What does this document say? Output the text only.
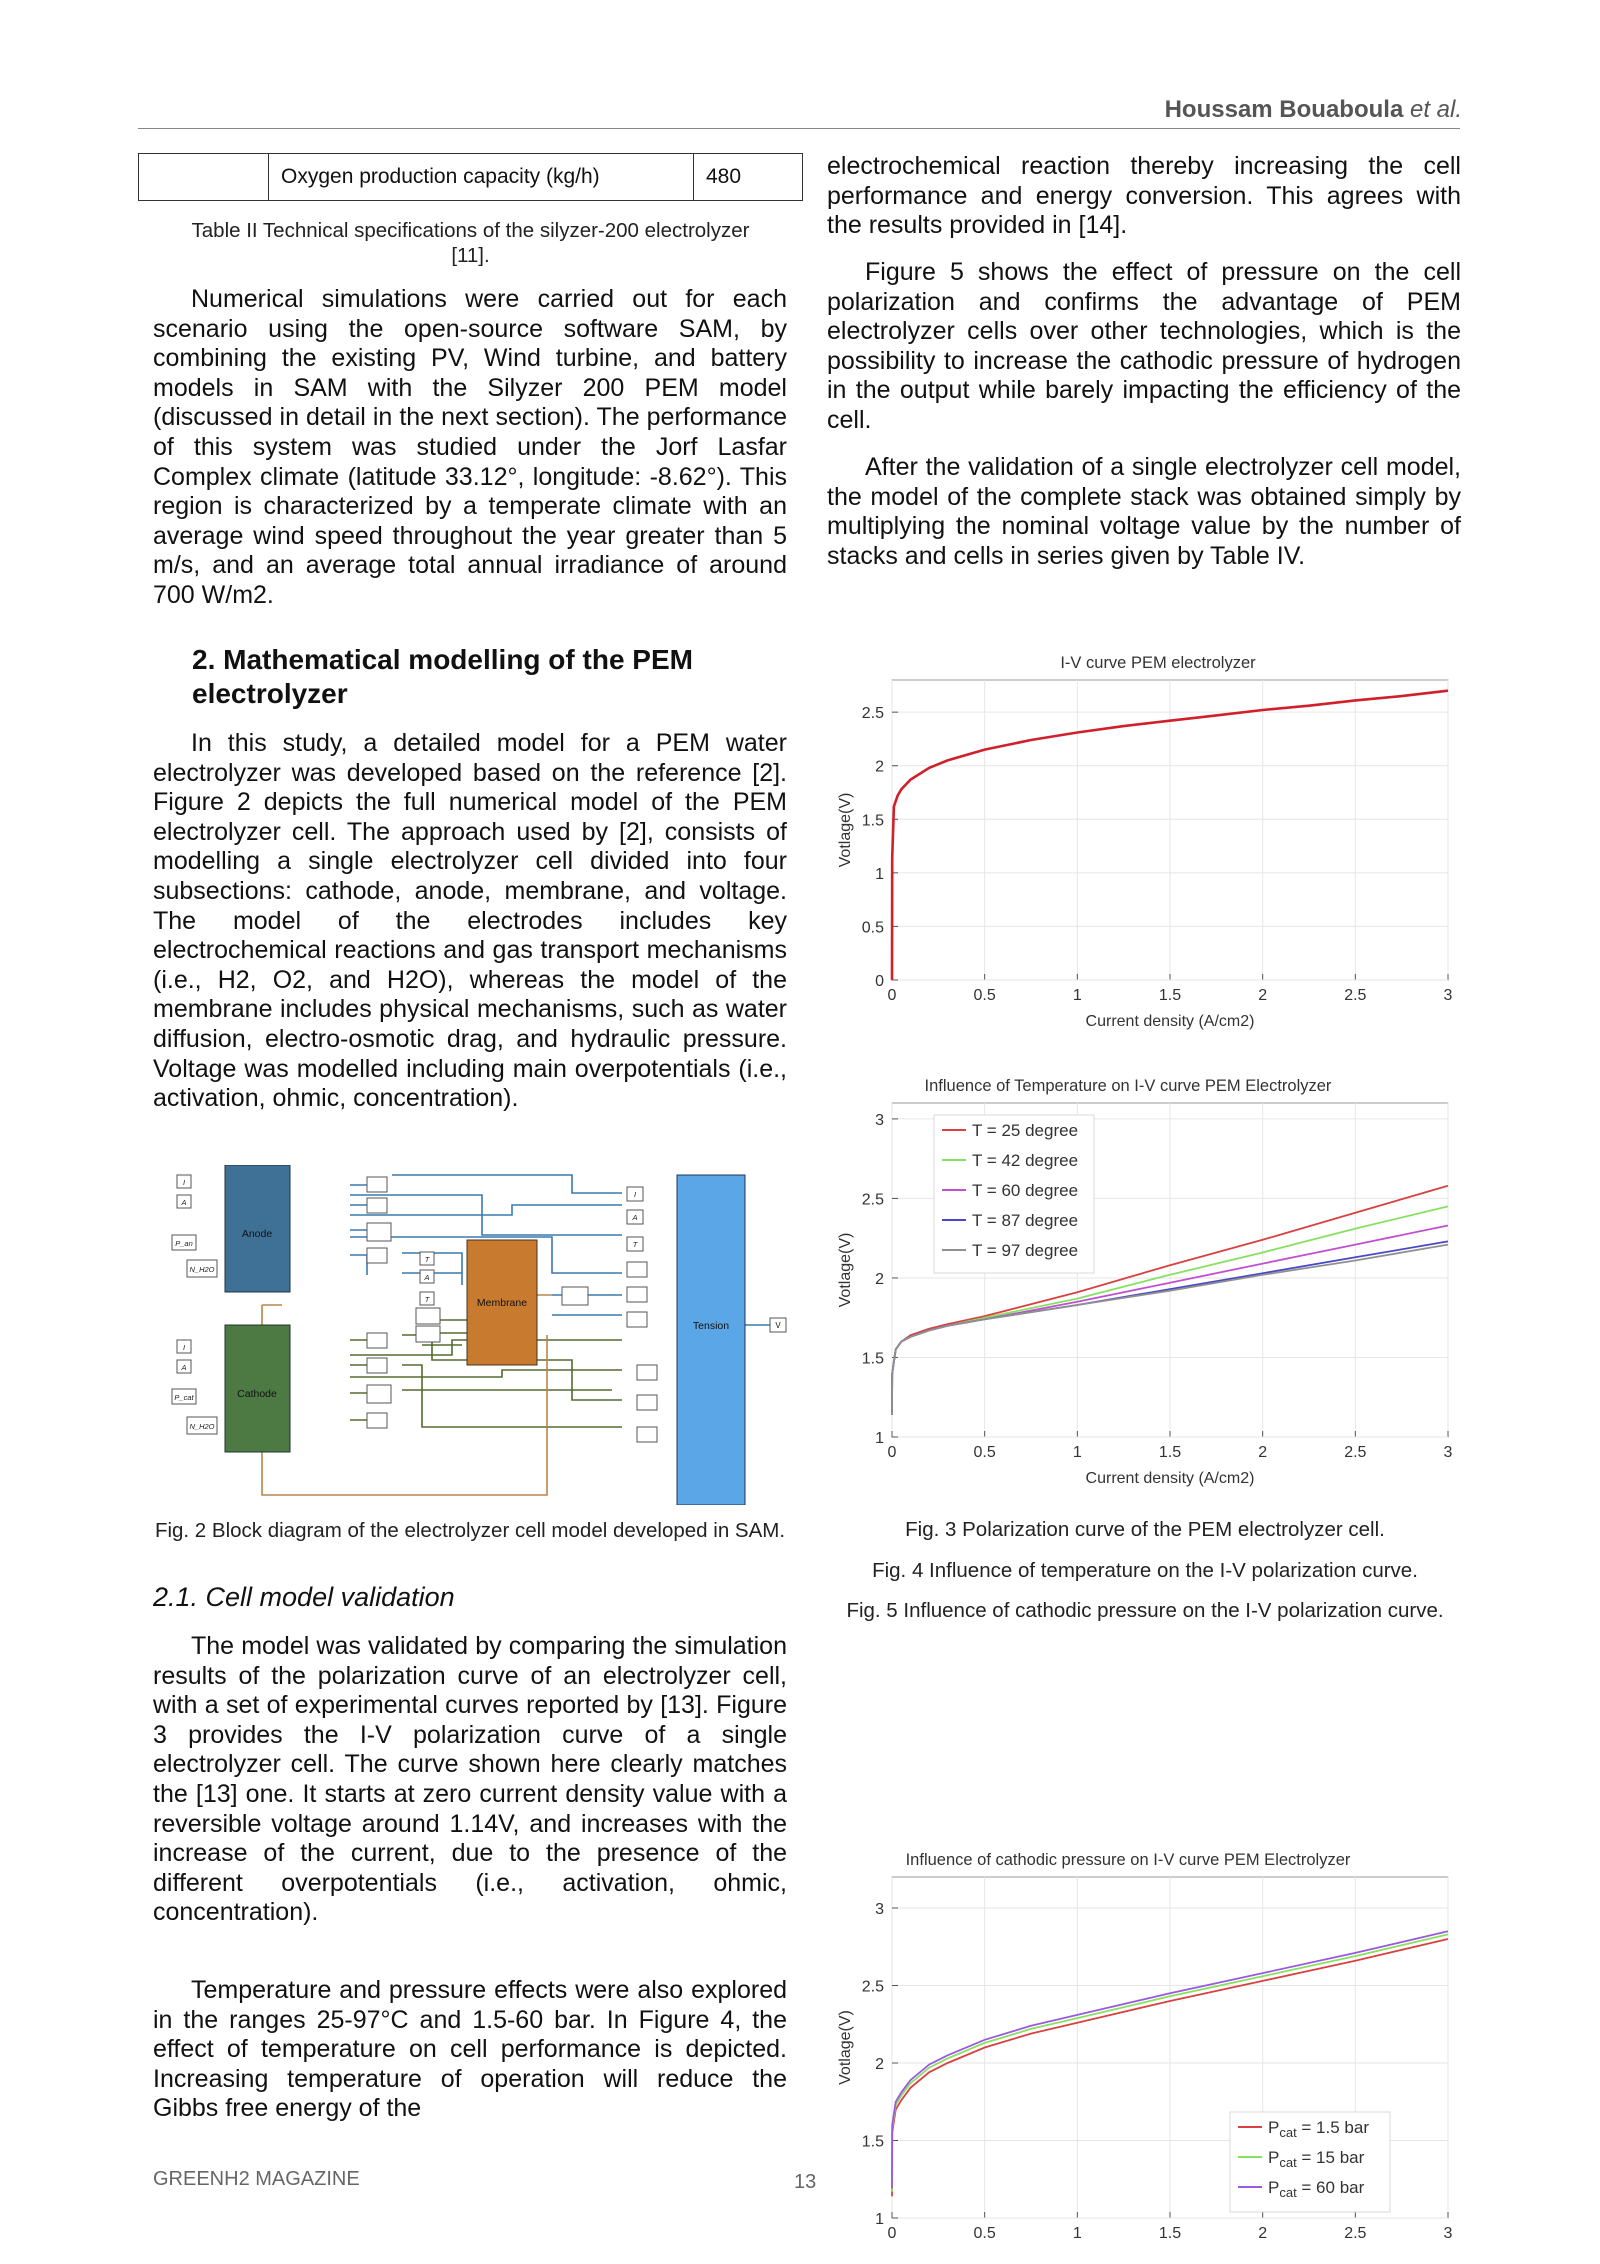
Houssam Bouaboula et al.
	Oxygen production capacity (kg/h)	480

Table II Technical specifications of the silyzer-200 electrolyzer [11].

Numerical simulations were carried out for each scenario using the open-source software SAM, by combining the existing PV, Wind turbine, and battery models in SAM with the Silyzer 200 PEM model (discussed in detail in the next section). The performance of this system was studied under the Jorf Lasfar Complex climate (latitude 33.12°, longitude: -8.62°). This region is characterized by a temperate climate with an average wind speed throughout the year greater than 5 m/s, and an average total annual irradiance of around 700 W/m2.

2. Mathematical modelling of the PEM electrolyzer

In this study, a detailed model for a PEM water electrolyzer was developed based on the reference [2]. Figure 2 depicts the full numerical model of the PEM electrolyzer cell. The approach used by [2], consists of modelling a single electrolyzer cell divided into four subsections: cathode, anode, membrane, and voltage. The model of the electrodes includes key electrochemical reactions and gas transport mechanisms (i.e., H2, O2, and H2O), whereas the model of the membrane includes physical mechanisms, such as water diffusion, electro-osmotic drag, and hydraulic pressure. Voltage was modelled including main overpotentials (i.e., activation, ohmic, concentration).

I
A
P_an
N_H2O
I
A
P_cat
N_H2O
T
A
T
I
A
T
Anode
Cathode
Membrane
Tension	V

Fig. 2 Block diagram of the electrolyzer cell model developed in SAM.

2.1. Cell model validation

The model was validated by comparing the simulation results of the polarization curve of an electrolyzer cell, with a set of experimental curves reported by [13]. Figure 3 provides the I-V polarization curve of a single electrolyzer cell. The curve shown here clearly matches the [13] one. It starts at zero current density value with a reversible voltage around 1.14V, and increases with the increase of the current, due to the presence of the different overpotentials (i.e., activation, ohmic, concentration).

Temperature and pressure effects were also explored in the ranges 25-97°C and 1.5-60 bar. In Figure 4, the effect of temperature on cell performance is depicted. Increasing temperature of operation will reduce the Gibbs free energy of the

GREENH2 MAGAZINE	13

electrochemical reaction thereby increasing the cell performance and energy conversion. This agrees with the results provided in [14].

Figure 5 shows the effect of pressure on the cell polarization and confirms the advantage of PEM electrolyzer cells over other technologies, which is the possibility to increase the cathodic pressure of hydrogen in the output while barely impacting the efficiency of the cell.

After the validation of a single electrolyzer cell model, the model of the complete stack was obtained simply by multiplying the nominal voltage value by the number of stacks and cells in series given by Table IV.

I-V curve PEM electrolyzer
0	0.5	1	1.5	2	2.5	3
0
0.5
1
1.5
2
2.5
Current density (A/cm2)
Votlage(V)
Influence of Temperature on I-V curve PEM Electrolyzer
0	0.5	1	1.5	2	2.5	3
1
1.5
2
2.5
3
Current density (A/cm2)
Votlage(V)
T = 25 degree
T = 42 degree
T = 60 degree
T = 87 degree
T = 97 degree

Fig. 3 Polarization curve of the PEM electrolyzer cell.

Fig. 4 Influence of temperature on the I-V polarization curve.

Fig. 5 Influence of cathodic pressure on the I-V polarization curve.

Influence of cathodic pressure on I-V curve PEM Electrolyzer
0	0.5	1	1.5	2	2.5	3
1
1.5
2
2.5
3
Votlage(V)
$P_{cat} = 1.5$ bar
$P_{cat} = 15$ bar
$P_{cat} = 60$ bar
